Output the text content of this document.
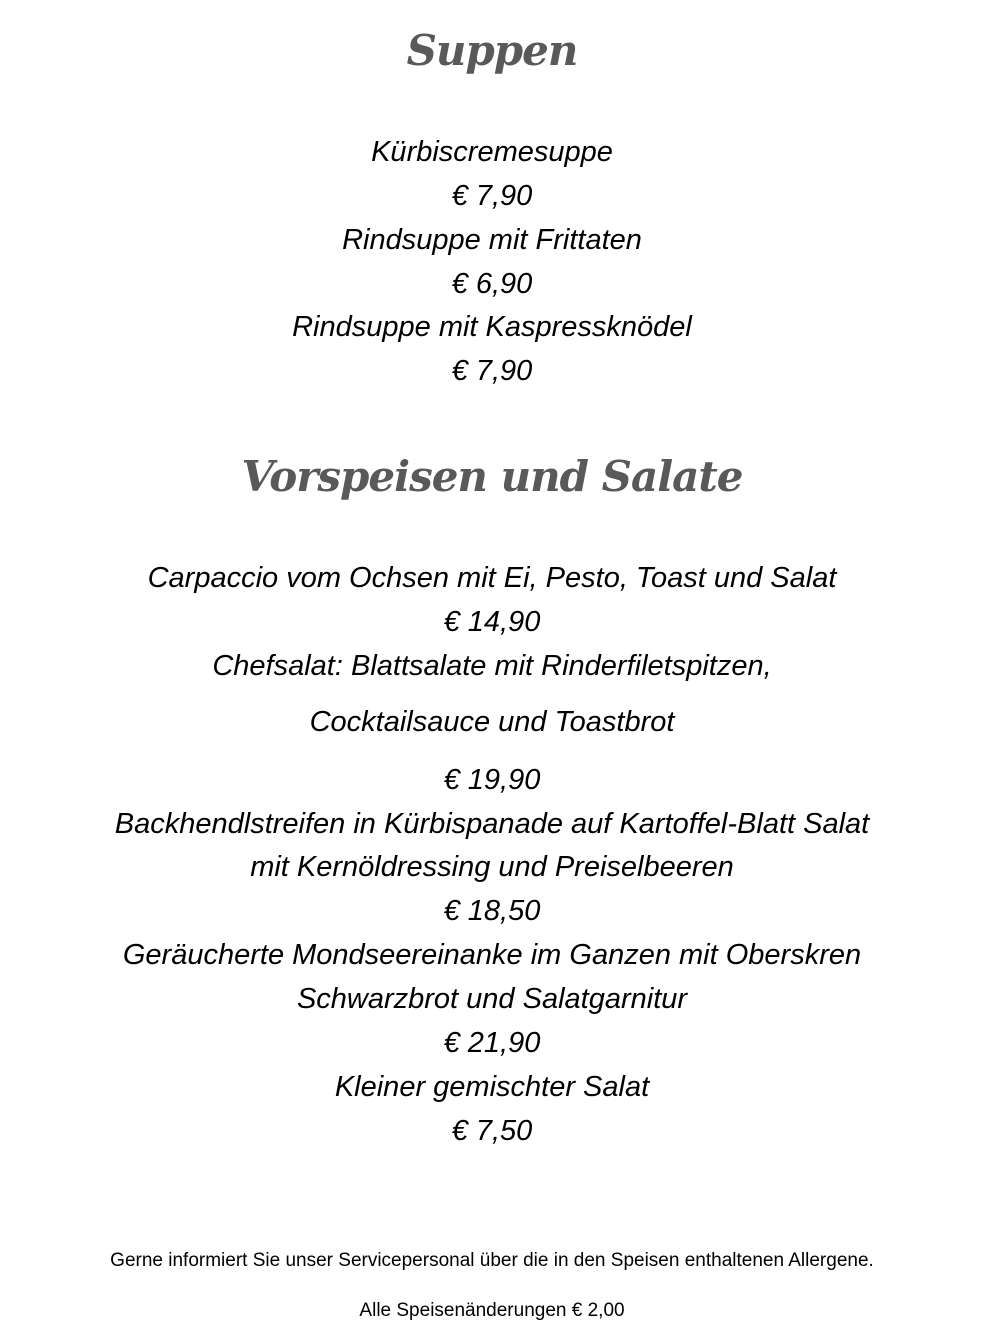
Suppen
Kürbiscremesuppe
€ 7,90
Rindsuppe mit Frittaten
€ 6,90
Rindsuppe mit Kaspressknödel
€ 7,90
Vorspeisen und Salate
Carpaccio vom Ochsen mit Ei, Pesto, Toast und Salat
€ 14,90
Chefsalat: Blattsalate mit Rinderfiletspitzen,
Cocktailsauce und Toastbrot
€ 19,90
Backhendlstreifen in Kürbispanade auf Kartoffel-Blatt Salat
mit Kernöldressing und Preiselbeeren
€ 18,50
Geräucherte Mondseereinanke im Ganzen mit Oberskren
Schwarzbrot und Salatgarnitur
€ 21,90
Kleiner gemischter Salat
€ 7,50
Gerne informiert Sie unser Servicepersonal über die in den Speisen enthaltenen Allergene.
Alle Speisenänderungen € 2,00
